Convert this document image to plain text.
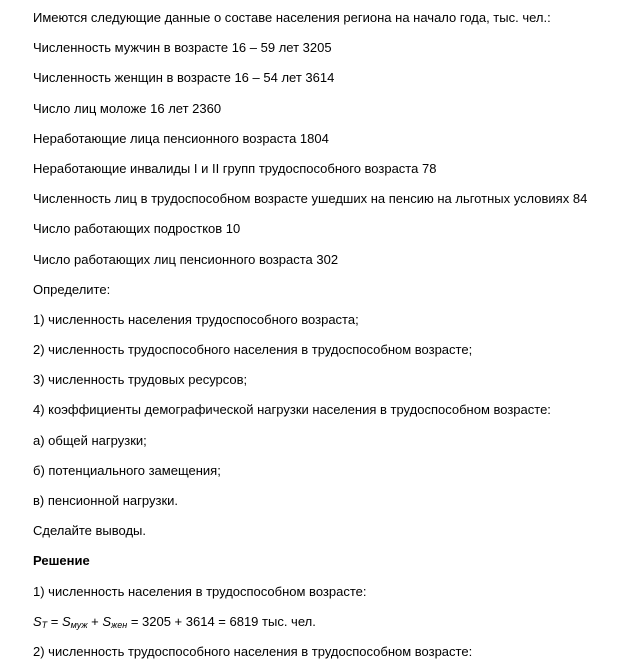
Имеются следующие данные о составе населения региона на начало года, тыс. чел.:
Численность мужчин в возрасте 16 – 59 лет 3205
Численность женщин в возрасте 16 – 54 лет 3614
Число лиц моложе 16 лет 2360
Неработающие лица пенсионного возраста 1804
Неработающие инвалиды I и II групп трудоспособного возраста 78
Численность лиц в трудоспособном возрасте ушедших на пенсию на льготных условиях 84
Число работающих подростков 10
Число работающих лиц пенсионного возраста 302
Определите:
1) численность населения трудоспособного возраста;
2) численность трудоспособного населения в трудоспособном возрасте;
3) численность трудовых ресурсов;
4) коэффициенты демографической нагрузки населения в трудоспособном возрасте:
а) общей нагрузки;
б) потенциального замещения;
в) пенсионной нагрузки.
Сделайте выводы.
Решение
1) численность населения в трудоспособном возрасте:
$S_T = S_{муж} + S_{жен} = 3205 + 3614 = 6819$ тыс. чел.
2) численность трудоспособного населения в трудоспособном возрасте:
